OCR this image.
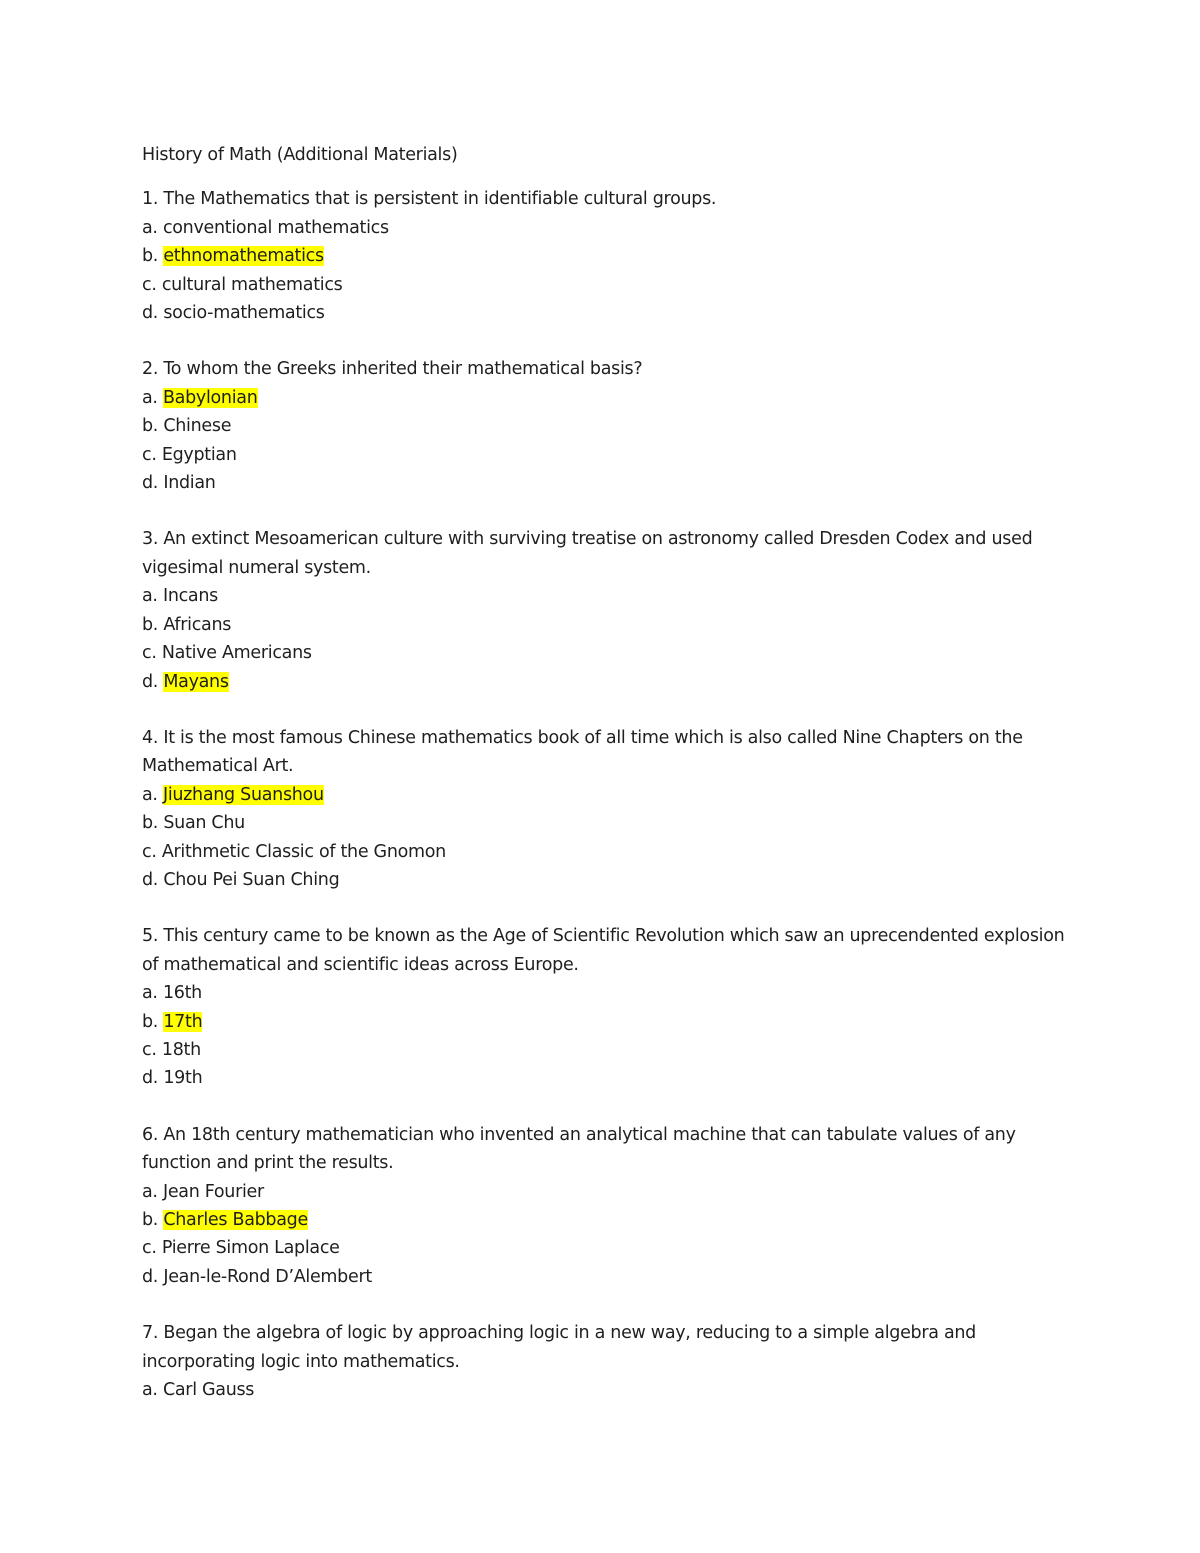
History of Math (Additional Materials)

1. The Mathematics that is persistent in identifiable cultural groups.

a. conventional mathematics

b. ethnomathematics

c. cultural mathematics

d. socio-mathematics

2. To whom the Greeks inherited their mathematical basis?

a. Babylonian

b. Chinese

c. Egyptian

d. Indian

3. An extinct Mesoamerican culture with surviving treatise on astronomy called Dresden Codex and used vigesimal numeral system.

a. Incans

b. Africans

c. Native Americans

d. Mayans

4. It is the most famous Chinese mathematics book of all time which is also called Nine Chapters on the Mathematical Art.

a. Jiuzhang Suanshou

b. Suan Chu

c. Arithmetic Classic of the Gnomon

d. Chou Pei Suan Ching

5. This century came to be known as the Age of Scientific Revolution which saw an uprecendented explosion of mathematical and scientific ideas across Europe.

a. 16th

b. 17th

c. 18th

d. 19th

6. An 18th century mathematician who invented an analytical machine that can tabulate values of any function and print the results.

a. Jean Fourier

b. Charles Babbage

c. Pierre Simon Laplace

d. Jean-le-Rond D’Alembert

7. Began the algebra of logic by approaching logic in a new way, reducing to a simple algebra and incorporating logic into mathematics.

a. Carl Gauss
